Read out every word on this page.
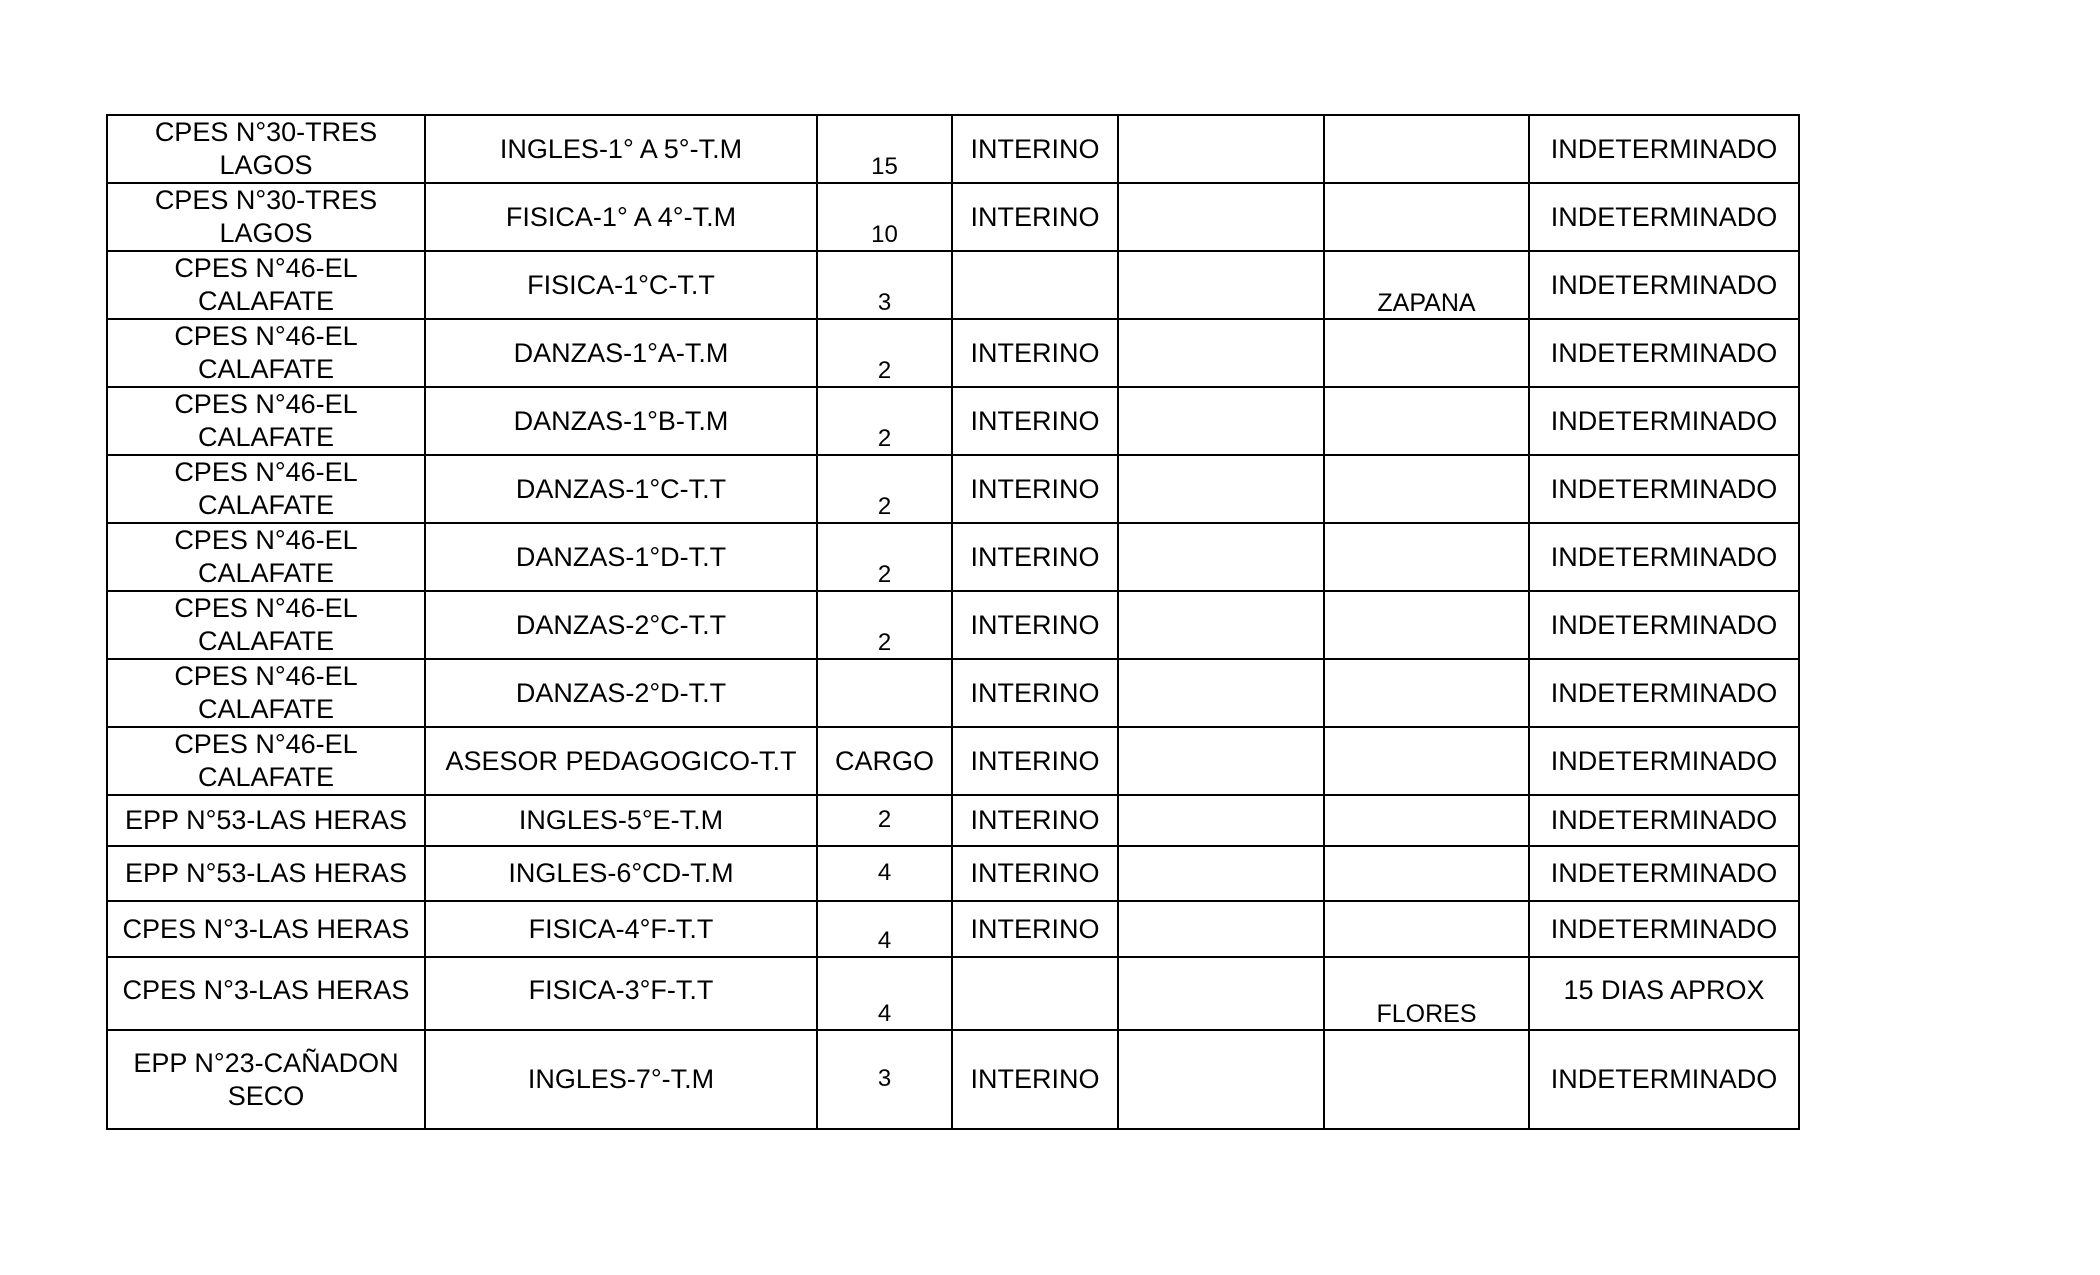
CPES N°30-TRES LAGOS	INGLES-1° A 5°-T.M	15	INTERINO			INDETERMINADO
CPES N°30-TRES LAGOS	FISICA-1° A 4°-T.M	10	INTERINO			INDETERMINADO
CPES N°46-EL CALAFATE	FISICA-1°C-T.T	3			ZAPANA	INDETERMINADO
CPES N°46-EL CALAFATE	DANZAS-1°A-T.M	2	INTERINO			INDETERMINADO
CPES N°46-EL CALAFATE	DANZAS-1°B-T.M	2	INTERINO			INDETERMINADO
CPES N°46-EL CALAFATE	DANZAS-1°C-T.T	2	INTERINO			INDETERMINADO
CPES N°46-EL CALAFATE	DANZAS-1°D-T.T	2	INTERINO			INDETERMINADO
CPES N°46-EL CALAFATE	DANZAS-2°C-T.T	2	INTERINO			INDETERMINADO
CPES N°46-EL CALAFATE	DANZAS-2°D-T.T		INTERINO			INDETERMINADO
CPES N°46-EL CALAFATE	ASESOR PEDAGOGICO-T.T	CARGO	INTERINO			INDETERMINADO
EPP N°53-LAS HERAS	INGLES-5°E-T.M	2	INTERINO			INDETERMINADO
EPP N°53-LAS HERAS	INGLES-6°CD-T.M	4	INTERINO			INDETERMINADO
CPES N°3-LAS HERAS	FISICA-4°F-T.T	4	INTERINO			INDETERMINADO
CPES N°3-LAS HERAS	FISICA-3°F-T.T	4			FLORES	15 DIAS APROX
EPP N°23-CAÑADON SECO	INGLES-7°-T.M	3	INTERINO			INDETERMINADO
